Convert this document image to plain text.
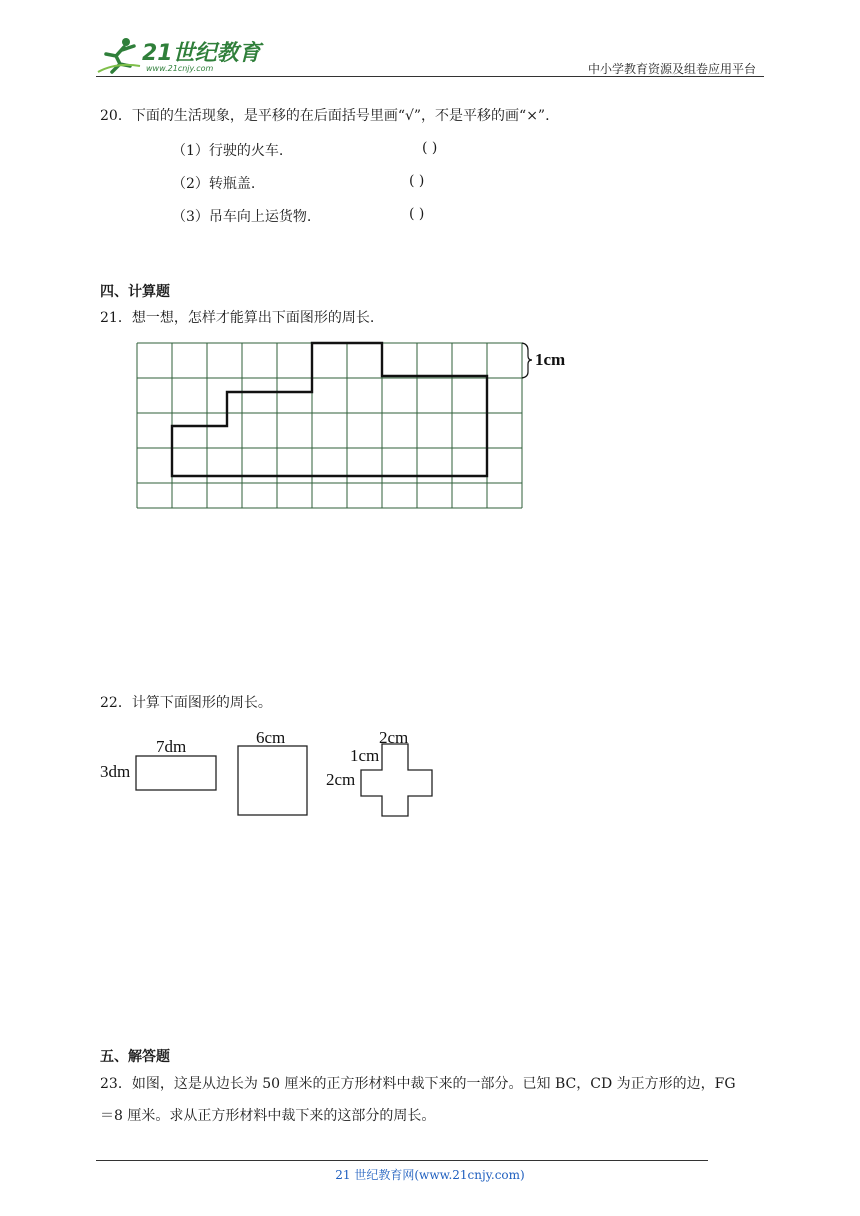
21世纪教育
www.21cnjy.com	中小学教育资源及组卷应用平台
20．下面的生活现象，是平移的在后面括号里画“√”，不是平移的画“×”.
（1）行驶的火车.	( )
（2）转瓶盖.	( )
（3）吊车向上运货物.	( )
四、计算题
21．想一想，怎样才能算出下面图形的周长.
1cm
22．计算下面图形的周长。
7dm
3dm
6cm	2cm
1cm
2cm
五、解答题
23．如图，这是从边长为 50 厘米的正方形材料中裁下来的一部分。已知 BC，CD 为正方形的边，FG
＝8 厘米。求从正方形材料中裁下来的这部分的周长。
21 世纪教育网(www.21cnjy.com)
